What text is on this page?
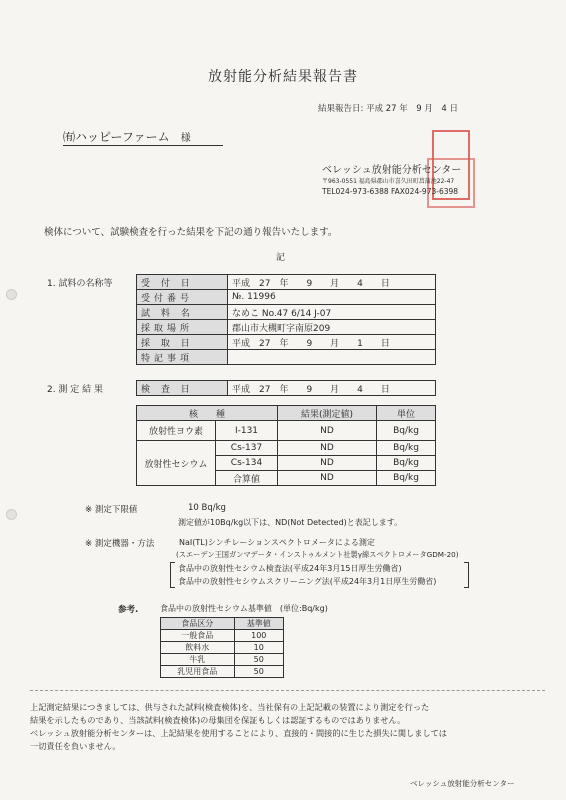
放射能分析結果報告書
結果報告日: 平成 27 年　9 月　4 日
㈲ハッピーファーム 様
ベレッシュ放射能分析センター
〒963-0551 福島県郡山市喜久田町菖蒲池22-47
TEL024-973-6388 FAX024-973-6398
検体について、試験検査を行った結果を下記の通り報告いたします。
記
1. 試料の名称等	受 付 日	平成　27　年　　9　　月　　4　　日
受付番号	№. 11996
試 料 名	なめこ No.47 6/14 J-07
採取場所	郡山市大槻町字南原209
採 取 日	平成　27　年　　9　　月　　1　　日
特記事項	
2. 測 定 結 果	検 査 日	平成　27　年　　9　　月　　4　　日
核　　種		結果(測定値)	単位
放射性ヨウ素	I-131	ND	Bq/kg
放射性セシウム	Cs-137	ND	Bq/kg
	Cs-134	ND	Bq/kg
	合算値	ND	Bq/kg
※ 測定下限値	10 Bq/kg
測定値が10Bq/kg以下は、ND(Not Detected)と表記します。
※ 測定機器・方法	NaI(TL)シンチレーションスペクトロメータによる測定
(スエーデン王国ガンマデータ・インストゥルメント社製γ線スペクトロメータGDM-20)
食品中の放射性セシウム検査法(平成24年3月15日厚生労働省)
食品中の放射性セシウムスクリーニング法(平成24年3月1日厚生労働省)
参考.	食品中の放射性セシウム基準値　(単位:Bq/kg)
食品区分	基準値
一般食品	100
飲料水	10
牛乳	50
乳児用食品	50
上記測定結果につきましては、供与された試料(検査検体)を、当社保有の上記記載の装置により測定を行った
結果を示したものであり、当該試料(検査検体)の母集団を保証もしくは認証するものではありません。
ベレッシュ放射能分析センターは、上記結果を使用することにより、直接的・間接的に生じた損失に関しましては
一切責任を負いません。
ベレッシュ放射能分析センター
